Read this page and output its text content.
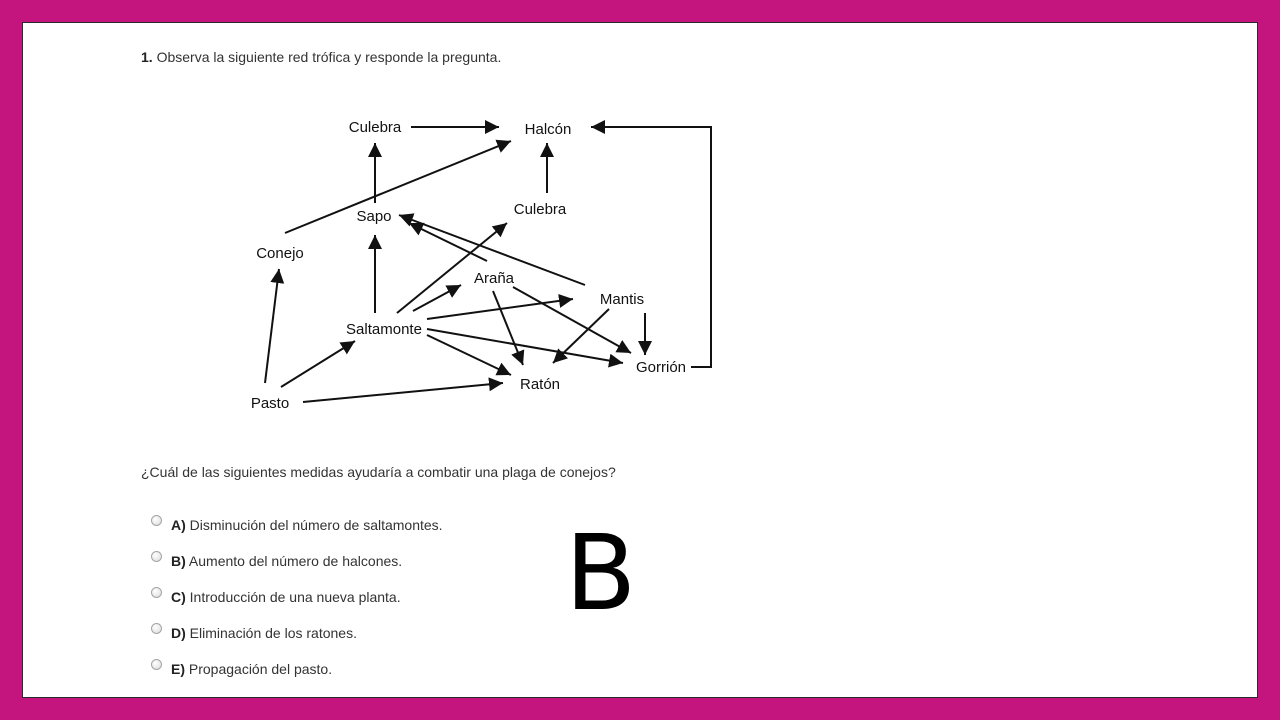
1. Observa la siguiente red trófica y responde la pregunta.
Culebra	Halcón
Sapo	Culebra
Conejo
Araña
Mantis
Saltamonte
Gorrión
Ratón
Pasto
¿Cuál de las siguientes medidas ayudaría a combatir una plaga de conejos?
A) Disminución del número de saltamontes.
B) Aumento del número de halcones.
C) Introducción de una nueva planta.
D) Eliminación de los ratones.
E) Propagación del pasto.
B
